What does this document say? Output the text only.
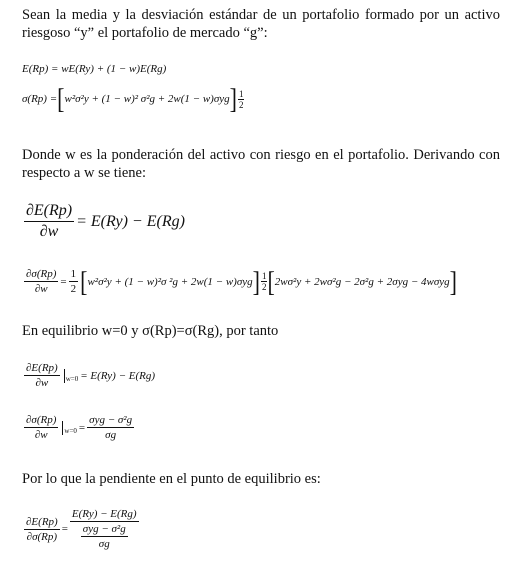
Sean la media y la desviación estándar de un portafolio formado por un activo riesgoso “y” el portafolio de mercado “g”:
E(Rp) = wE(Ry) + (1 − w)E(Rg)
σ(Rp) = [ w²σ²y + (1 − w)² σ²g + 2w(1 − w)σyg ] $\frac{1}{2}$
Donde w es la ponderación del activo con riesgo en el portafolio. Derivando con respecto a w se tiene:
$\frac{\partial E(Rp)}{\partial w} = E(Ry) - E(Rg)$
$\frac{\partial\sigma(Rp)}{\partial w} = \frac{1}{2}$ [ w²σ²y + (1 − w)²σ ²g + 2w(1 − w)σyg ] $\frac{1}{2}$ [ 2wσ²y + 2wσ²g − 2σ²g + 2σyg − 4wσyg ]
En equilibrio w=0 y σ(Rp)=σ(Rg), por tanto
$\frac{\partial E(Rp)}{\partial w} w=0 = E(Ry) - E(Rg)$
$\frac{\partial\sigma(Rp)}{\partial w} w=0 = \frac{\text{σyg − σ²g}}{\sigma g}$
Por lo que la pendiente en el punto de equilibrio es:
$\frac{\partial E(Rp)}{\partial\sigma(Rp)} = \frac{E(Ry) - E(Rg)}{\frac{\text{σyg − σ²g}}{\sigma g}}$
